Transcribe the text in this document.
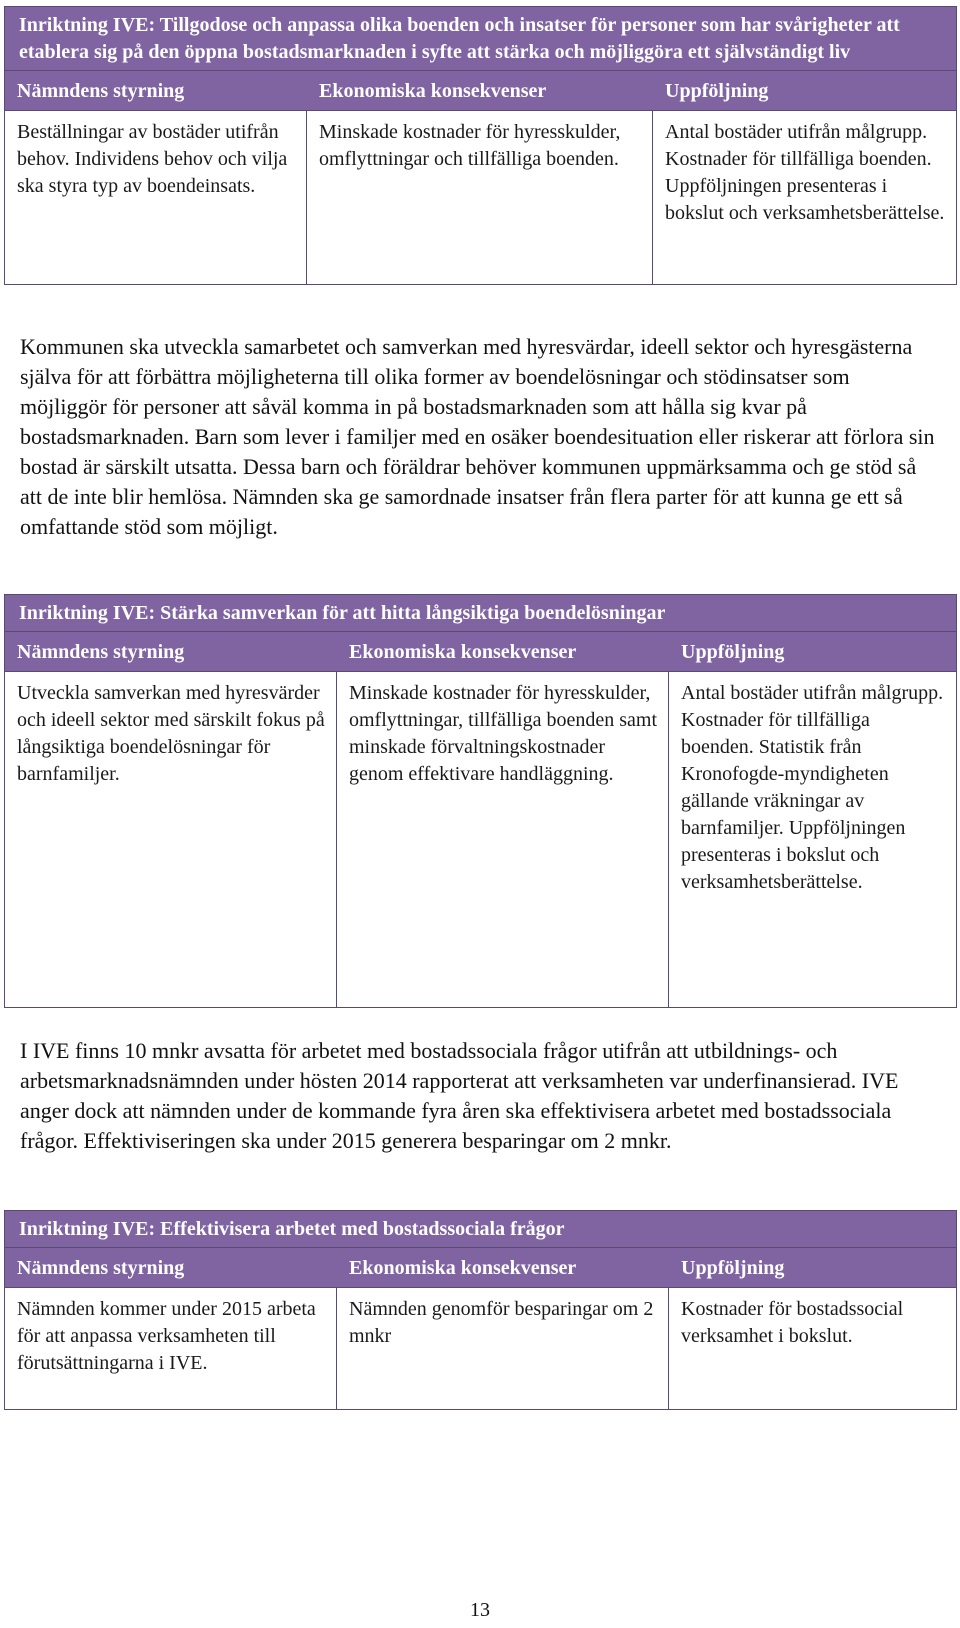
Inriktning IVE: Tillgodose och anpassa olika boenden och insatser för personer som har svårigheter att etablera sig på den öppna bostadsmarknaden i syfte att stärka och möjliggöra ett självständigt liv		
Nämndens styrning	Ekonomiska konsekvenser	Uppföljning
Beställningar av bostäder utifrån behov. Individens behov och vilja ska styra typ av boendeinsats.	Minskade kostnader för hyresskulder, omflyttningar och tillfälliga boenden.	Antal bostäder utifrån målgrupp. Kostnader för tillfälliga boenden. Uppföljningen presenteras i bokslut och verksamhetsberättelse.

Kommunen ska utveckla samarbetet och samverkan med hyresvärdar, ideell sektor och hyresgästerna själva för att förbättra möjligheterna till olika former av boendelösningar och stödinsatser som möjliggör för personer att såväl komma in på bostadsmarknaden som att hålla sig kvar på bostadsmarknaden. Barn som lever i familjer med en osäker boendesituation eller riskerar att förlora sin bostad är särskilt utsatta. Dessa barn och föräldrar behöver kommunen uppmärksamma och ge stöd så att de inte blir hemlösa. Nämnden ska ge samordnade insatser från flera parter för att kunna ge ett så omfattande stöd som möjligt.

Inriktning IVE: Stärka samverkan för att hitta långsiktiga boendelösningar		
Nämndens styrning	Ekonomiska konsekvenser	Uppföljning
Utveckla samverkan med hyresvärder och ideell sektor med särskilt fokus på långsiktiga boendelösningar för barnfamiljer.	Minskade kostnader för hyresskulder, omflyttningar, tillfälliga boenden samt minskade förvaltningskostnader genom effektivare handläggning.	Antal bostäder utifrån målgrupp. Kostnader för tillfälliga boenden. Statistik från Kronofogde-myndigheten gällande vräkningar av barnfamiljer. Uppföljningen presenteras i bokslut och verksamhetsberättelse.

I IVE finns 10 mnkr avsatta för arbetet med bostadssociala frågor utifrån att utbildnings- och arbetsmarknadsnämnden under hösten 2014 rapporterat att verksamheten var underfinansierad. IVE anger dock att nämnden under de kommande fyra åren ska effektivisera arbetet med bostadssociala frågor. Effektiviseringen ska under 2015 generera besparingar om 2 mnkr.

Inriktning IVE: Effektivisera arbetet med bostadssociala frågor		
Nämndens styrning	Ekonomiska konsekvenser	Uppföljning
Nämnden kommer under 2015 arbeta för att anpassa verksamheten till förutsättningarna i IVE.	Nämnden genomför besparingar om 2 mnkr	Kostnader för bostadssocial verksamhet i bokslut.
13
